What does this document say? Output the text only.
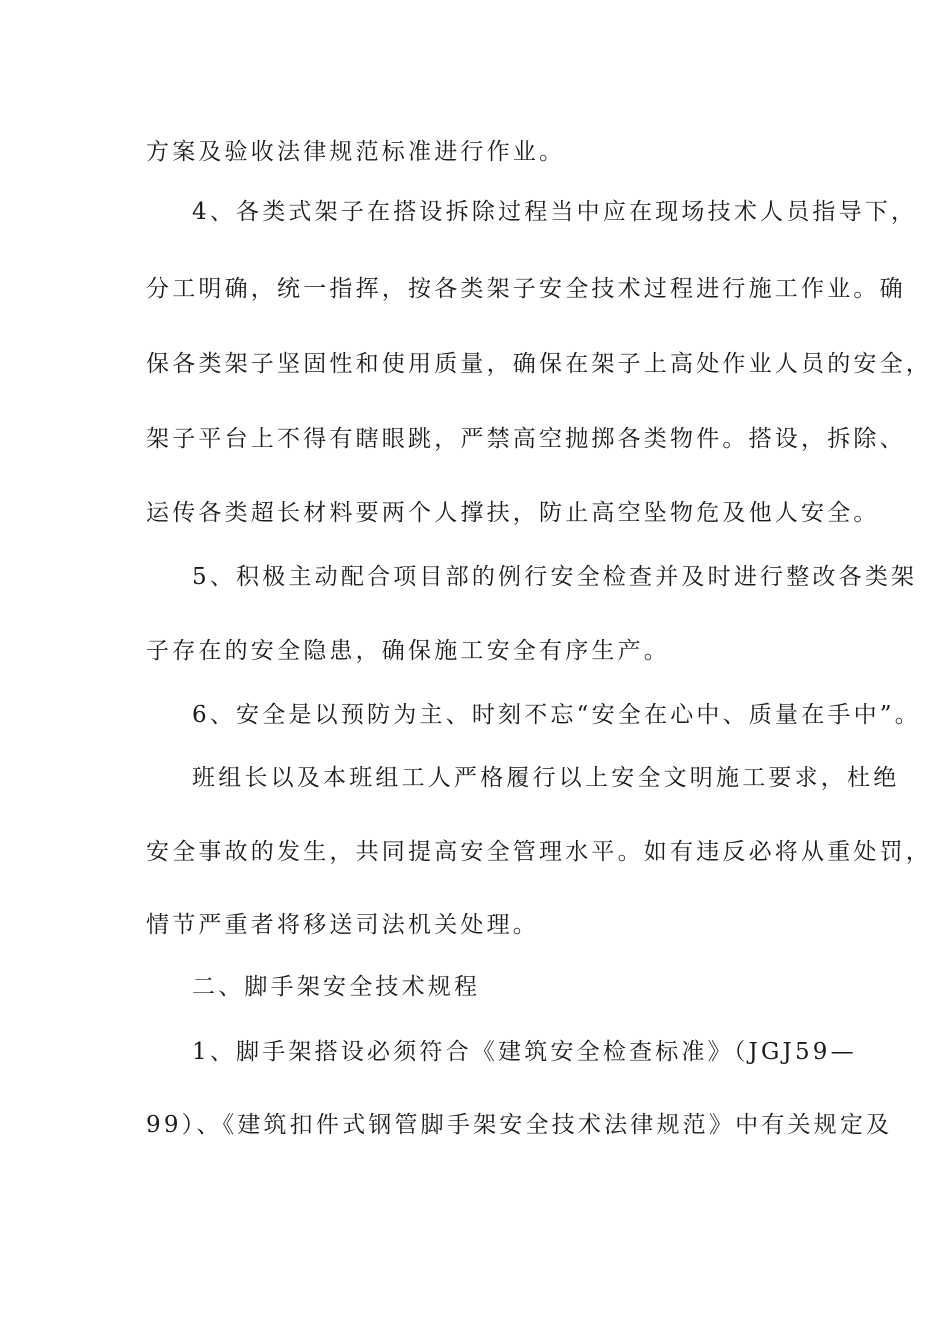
方案及验收法律规范标准进行作业。
4、各类式架子在搭设拆除过程当中应在现场技术人员指导下，
分工明确，统一指挥，按各类架子安全技术过程进行施工作业。确
保各类架子坚固性和使用质量，确保在架子上高处作业人员的安全，
架子平台上不得有瞎眼跳，严禁高空抛掷各类物件。搭设，拆除、
运传各类超长材料要两个人撑扶，防止高空坠物危及他人安全。
5、积极主动配合项目部的例行安全检查并及时进行整改各类架
子存在的安全隐患，确保施工安全有序生产。
6、安全是以预防为主、时刻不忘“安全在心中、质量在手中”。
班组长以及本班组工人严格履行以上安全文明施工要求，杜绝
安全事故的发生，共同提高安全管理水平。如有违反必将从重处罚，
情节严重者将移送司法机关处理。
二、脚手架安全技术规程
1、脚手架搭设必须符合《建筑安全检查标准》（JGJ59—
99）、《建筑扣件式钢管脚手架安全技术法律规范》中有关规定及
